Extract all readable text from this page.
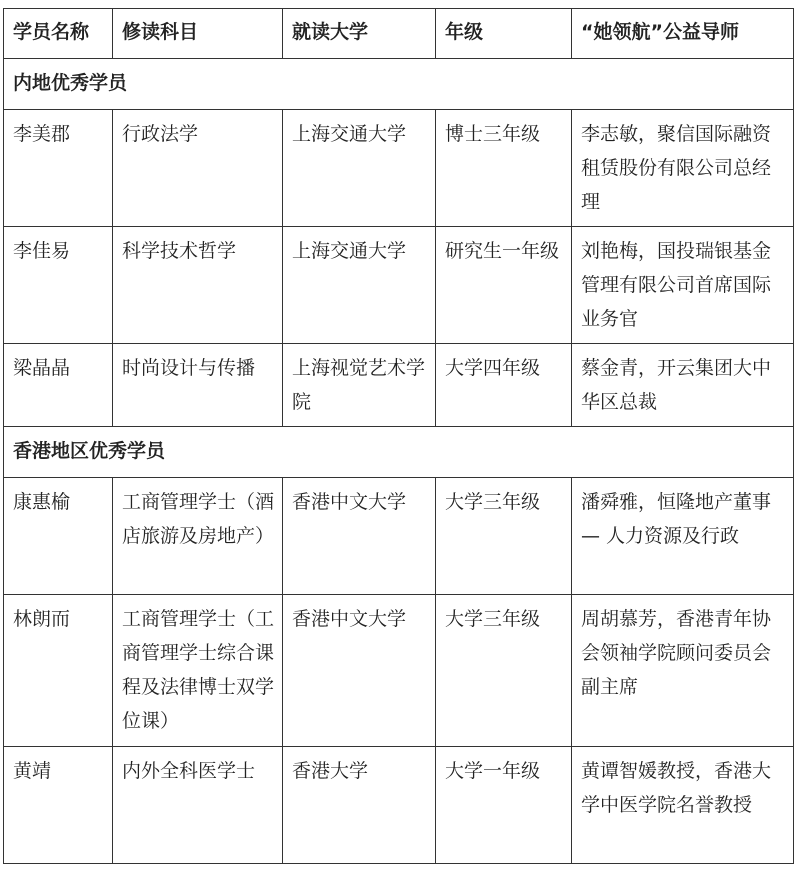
学员名称	修读科目	就读大学	年级	“她领航”公益导师
内地优秀学员				
李美郡	行政法学	上海交通大学	博士三年级	李志敏，聚信国际融资租赁股份有限公司总经理
李佳易	科学技术哲学	上海交通大学	研究生一年级	刘艳梅，国投瑞银基金管理有限公司首席国际业务官
梁晶晶	时尚设计与传播	上海视觉艺术学院	大学四年级	蔡金青，开云集团大中华区总裁
香港地区优秀学员				
康惠榆	工商管理学士（酒店旅游及房地产）	香港中文大学	大学三年级	潘舜雅，恒隆地产董事 — 人力资源及行政
林朗而	工商管理学士（工商管理学士综合课程及法律博士双学位课）	香港中文大学	大学三年级	周胡慕芳，香港青年协会领袖学院顾问委员会副主席
黄靖	内外全科医学士	香港大学	大学一年级	黄谭智媛教授，香港大学中医学院名誉教授
